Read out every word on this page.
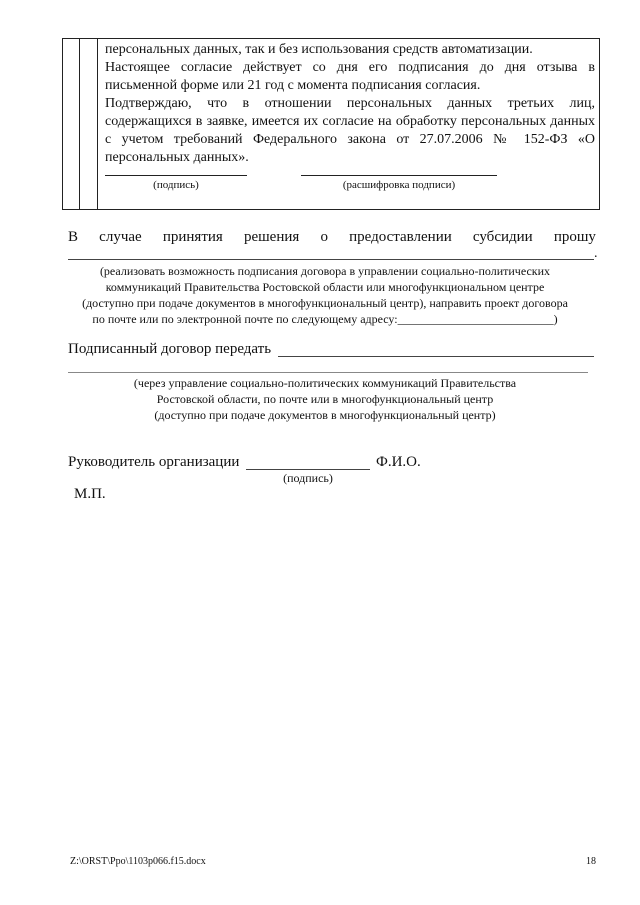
персональных данных, так и без использования средств автоматизации.

Настоящее согласие действует со дня его подписания до дня отзыва в письменной форме или 21 год с момента подписания согласия.

Подтверждаю, что в отношении персональных данных третьих лиц, содержащихся в заявке, имеется их согласие на обработку персональных данных с учетом требований Федерального закона от 27.07.2006 № 152-ФЗ «О персональных данных».

(подпись)	(расшифровка подписи)
В случае принятия решения о предоставлении субсидии прошу
.
(реализовать возможность подписания договора в управлении социально-политических
коммуникаций Правительства Ростовской области или многофункциональном центре
(доступно при подаче документов в многофункциональный центр), направить проект договора
по почте или по электронной почте по следующему адресу:__________________________)
Подписанный договор передать
(через управление социально-политических коммуникаций Правительства
Ростовской области, по почте или в многофункциональный центр
(доступно при подаче документов в многофункциональный центр)
Руководитель организации	Ф.И.О.
(подпись)
М.П.
Z:\ORST\Ppo\1103p066.f15.docx	18
